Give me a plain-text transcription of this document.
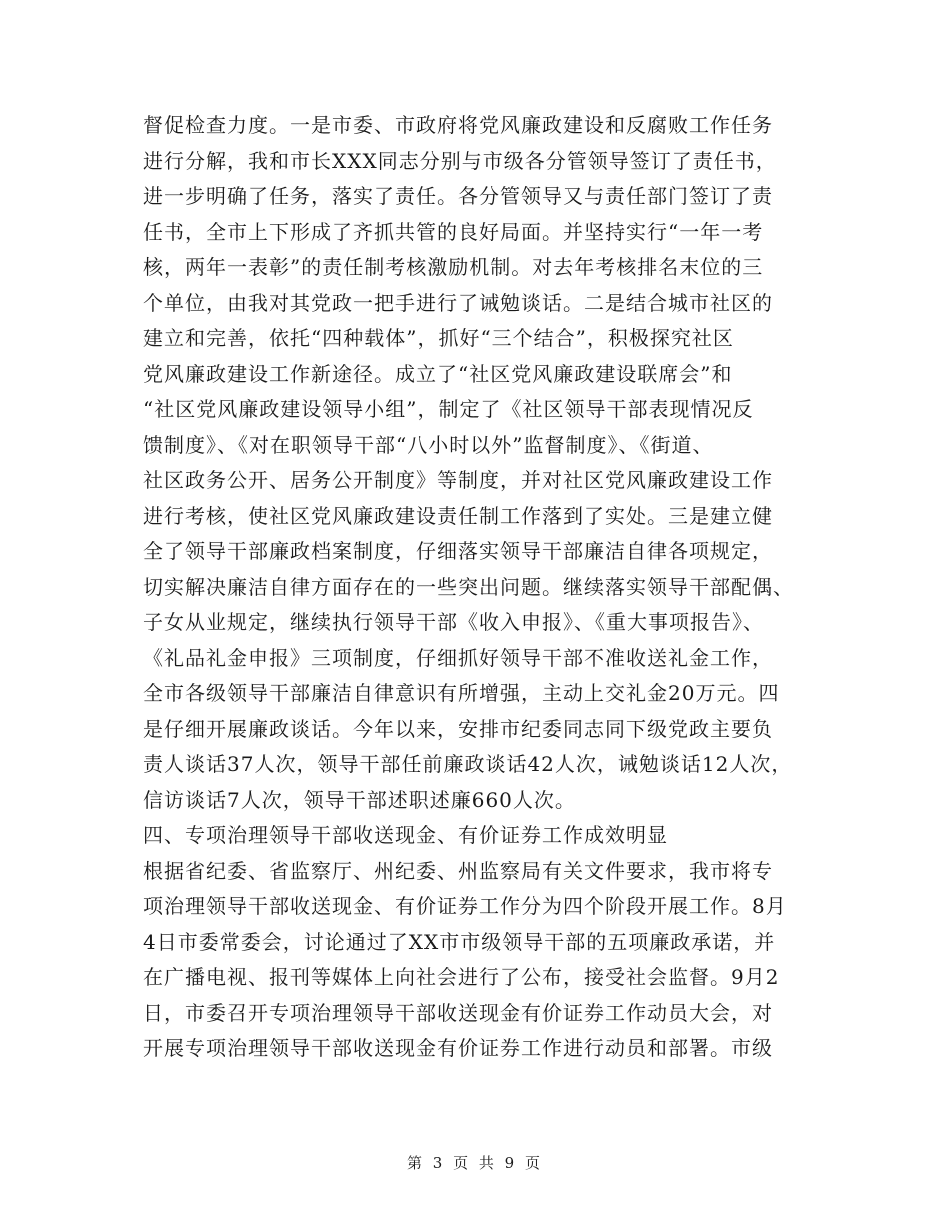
督促检查力度。一是市委、市政府将党风廉政建设和反腐败工作任务
进行分解，我和市长XXX同志分别与市级各分管领导签订了责任书，
进一步明确了任务，落实了责任。各分管领导又与责任部门签订了责
任书，全市上下形成了齐抓共管的良好局面。并坚持实行“一年一考
核，两年一表彰”的责任制考核激励机制。对去年考核排名末位的三
个单位，由我对其党政一把手进行了诫勉谈话。二是结合城市社区的
建立和完善，依托“四种载体”，抓好“三个结合”，积极探究社区
党风廉政建设工作新途径。成立了“社区党风廉政建设联席会”和
“社区党风廉政建设领导小组”，制定了《社区领导干部表现情况反
馈制度》、《对在职领导干部“八小时以外”监督制度》、《街道、
社区政务公开、居务公开制度》等制度，并对社区党风廉政建设工作
进行考核，使社区党风廉政建设责任制工作落到了实处。三是建立健
全了领导干部廉政档案制度，仔细落实领导干部廉洁自律各项规定，
切实解决廉洁自律方面存在的一些突出问题。继续落实领导干部配偶、
子女从业规定，继续执行领导干部《收入申报》、《重大事项报告》、
《礼品礼金申报》三项制度，仔细抓好领导干部不准收送礼金工作，
全市各级领导干部廉洁自律意识有所增强，主动上交礼金20万元。四
是仔细开展廉政谈话。今年以来，安排市纪委同志同下级党政主要负
责人谈话37人次，领导干部任前廉政谈话42人次，诫勉谈话12人次，
信访谈话7人次，领导干部述职述廉660人次。
四、专项治理领导干部收送现金、有价证券工作成效明显
根据省纪委、省监察厅、州纪委、州监察局有关文件要求，我市将专
项治理领导干部收送现金、有价证券工作分为四个阶段开展工作。8月
4日市委常委会，讨论通过了XX市市级领导干部的五项廉政承诺，并
在广播电视、报刊等媒体上向社会进行了公布，接受社会监督。9月2
日，市委召开专项治理领导干部收送现金有价证券工作动员大会，对
开展专项治理领导干部收送现金有价证券工作进行动员和部署。市级
第 3 页 共 9 页
